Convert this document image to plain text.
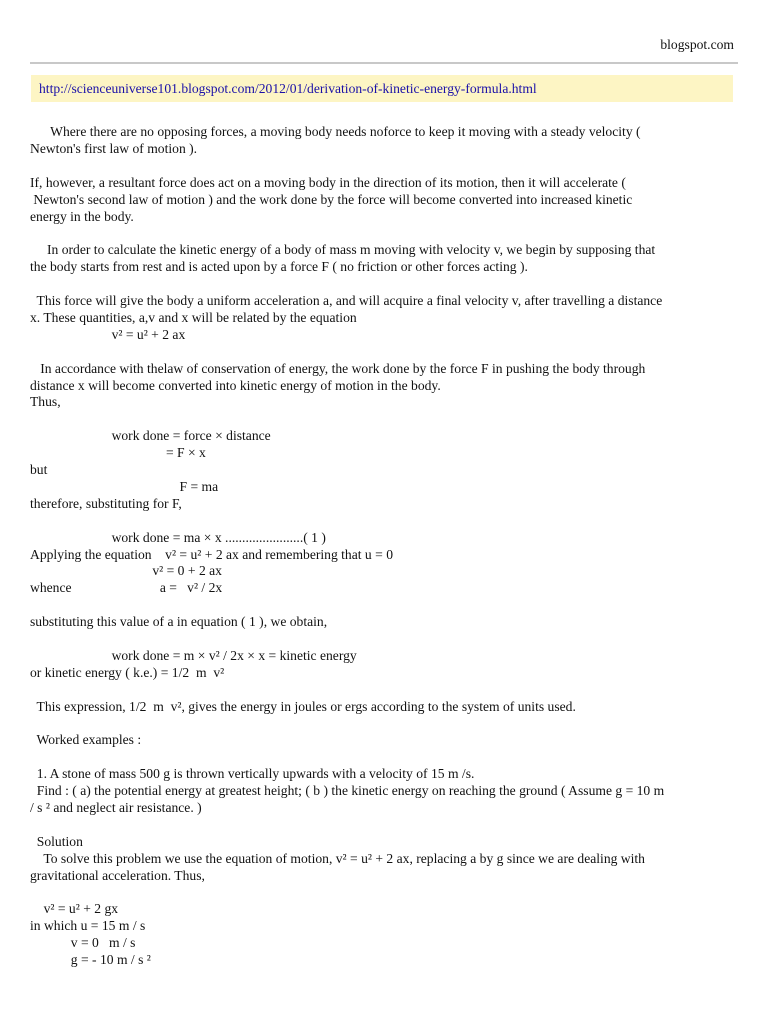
blogspot.com
http://scienceuniverse101.blogspot.com/2012/01/derivation-of-kinetic-energy-formula.html
Where there are no opposing forces, a moving body needs noforce to keep it moving with a steady velocity (
Newton's first law of motion ).
If, however, a resultant force does act on a moving body in the direction of its motion, then it will accelerate (
Newton's second law of motion ) and the work done by the force will become converted into increased kinetic
energy in the body.
In order to calculate the kinetic energy of a body of mass m moving with velocity v, we begin by supposing that
the body starts from rest and is acted upon by a force F ( no friction or other forces acting ).
This force will give the body a uniform acceleration a, and will acquire a final velocity v, after travelling a distance
x. These quantities, a,v and x will be related by the equation
v² = u² + 2 ax
In accordance with thelaw of conservation of energy, the work done by the force F in pushing the body through
distance x will become converted into kinetic energy of motion in the body.
Thus,
work done = force × distance
= F × x
but
F = ma
therefore, substituting for F,
work done = ma × x .......................( 1 )
Applying the equation    v² = u² + 2 ax and remembering that u = 0
v² = 0 + 2 ax
whence                          a =   v² / 2x
substituting this value of a in equation ( 1 ), we obtain,
work done = m × v² / 2x × x = kinetic energy
or kinetic energy ( k.e.) = 1/2  m  v²
This expression, 1/2  m  v², gives the energy in joules or ergs according to the system of units used.
Worked examples :
1. A stone of mass 500 g is thrown vertically upwards with a velocity of 15 m /s.
Find : ( a) the potential energy at greatest height; ( b ) the kinetic energy on reaching the ground ( Assume g = 10 m
/ s ² and neglect air resistance. )
Solution
To solve this problem we use the equation of motion, v² = u² + 2 ax, replacing a by g since we are dealing with
gravitational acceleration. Thus,
v² = u² + 2 gx
in which u = 15 m / s
v = 0   m / s
g = - 10 m / s ²
